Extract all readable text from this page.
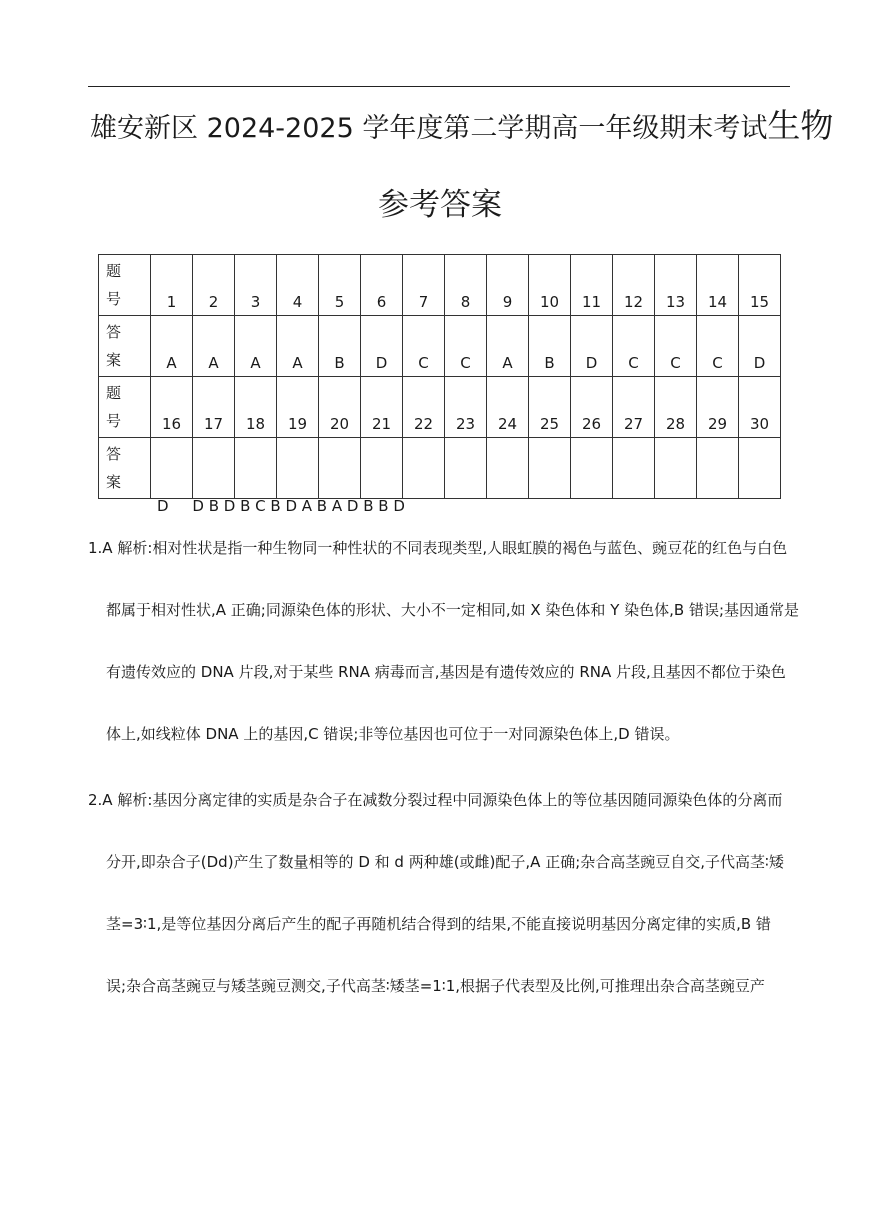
雄安新区 2024-2025 学年度第二学期高一年级期末考试生物
参考答案
题
号	1	2	3	4	5	6	7	8	9	10	11	12	13	14	15

答
案	A	A	A	A	B	D	C	C	A	B	D	C	C	C	D

题
号	16	17	18	19	20	21	22	23	24	25	26	27	28	29	30

答
案															

D     D B D B C B D A B A D B B D
1.A 解析:相对性状是指一种生物同一种性状的不同表现类型,人眼虹膜的褐色与蓝色、豌豆花的红色与白色
都属于相对性状,A 正确;同源染色体的形状、大小不一定相同,如 X 染色体和 Y 染色体,B 错误;基因通常是
有遗传效应的 DNA 片段,对于某些 RNA 病毒而言,基因是有遗传效应的 RNA 片段,且基因不都位于染色
体上,如线粒体 DNA 上的基因,C 错误;非等位基因也可位于一对同源染色体上,D 错误。
2.A 解析:基因分离定律的实质是杂合子在减数分裂过程中同源染色体上的等位基因随同源染色体的分离而
分开,即杂合子(Dd)产生了数量相等的 D 和 d 两种雄(或雌)配子,A 正确;杂合高茎豌豆自交,子代高茎∶矮
茎=3∶1,是等位基因分离后产生的配子再随机结合得到的结果,不能直接说明基因分离定律的实质,B 错
误;杂合高茎豌豆与矮茎豌豆测交,子代高茎∶矮茎=1∶1,根据子代表型及比例,可推理出杂合高茎豌豆产
